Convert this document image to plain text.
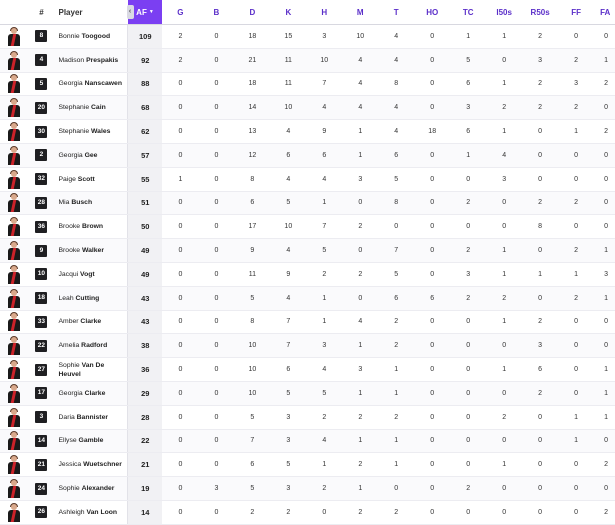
	#	Player	‹ AF ▼	G	B	D	K	H	M	T	HO	TC	I50s	R50s	FF	FA

	8	Bonnie Toogood	109	2	0	18	15	3	10	4	0	1	1	2	0	0

	4	Madison Prespakis	92	2	0	21	11	10	4	4	0	5	0	3	2	1

	5	Georgia Nanscawen	88	0	0	18	11	7	4	8	0	6	1	2	3	2

	20	Stephanie Cain	68	0	0	14	10	4	4	4	0	3	2	2	2	0

	30	Stephanie Wales	62	0	0	13	4	9	1	4	18	6	1	0	1	2

	2	Georgia Gee	57	0	0	12	6	6	1	6	0	1	4	0	0	0

	32	Paige Scott	55	1	0	8	4	4	3	5	0	0	3	0	0	0

	28	Mia Busch	51	0	0	6	5	1	0	8	0	2	0	2	2	0

	36	Brooke Brown	50	0	0	17	10	7	2	0	0	0	0	8	0	0

	9	Brooke Walker	49	0	0	9	4	5	0	7	0	2	1	0	2	1

	10	Jacqui Vogt	49	0	0	11	9	2	2	5	0	3	1	1	1	3

	18	Leah Cutting	43	0	0	5	4	1	0	6	6	2	2	0	2	1

	33	Amber Clarke	43	0	0	8	7	1	4	2	0	0	1	2	0	0

	22	Amelia Radford	38	0	0	10	7	3	1	2	0	0	0	3	0	0

	27	Sophie Van De Heuvel	36	0	0	10	6	4	3	1	0	0	1	6	0	1

	17	Georgia Clarke	29	0	0	10	5	5	1	1	0	0	0	2	0	1

	3	Daria Bannister	28	0	0	5	3	2	2	2	0	0	2	0	1	1

	14	Ellyse Gamble	22	0	0	7	3	4	1	1	0	0	0	0	1	0

	21	Jessica Wuetschner	21	0	0	6	5	1	2	1	0	0	1	0	0	2

	24	Sophie Alexander	19	0	3	5	3	2	1	0	0	2	0	0	0	0

	26	Ashleigh Van Loon	14	0	0	2	2	0	2	2	0	0	0	0	0	2
